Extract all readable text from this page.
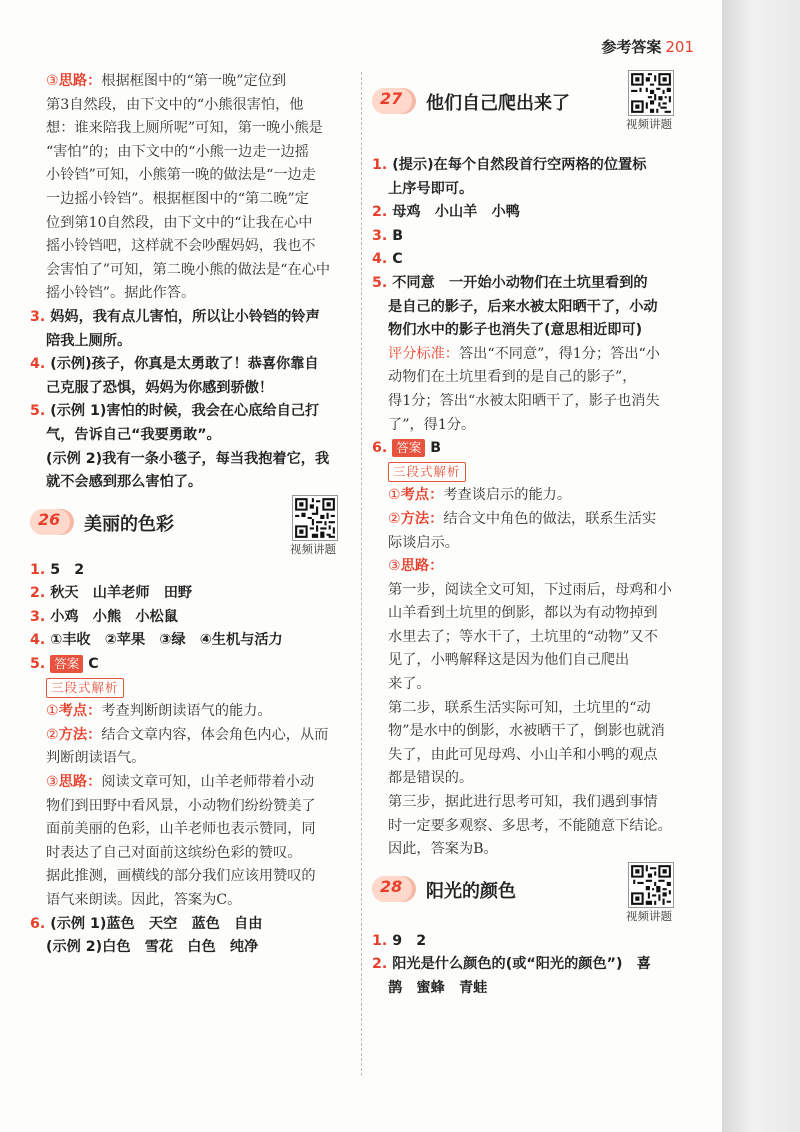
参考答案 201
③思路：根据框图中的“第一晚”定位到
第3自然段，由下文中的“小熊很害怕，他
想：谁来陪我上厕所呢”可知，第一晚小熊是
“害怕”的；由下文中的“小熊一边走一边摇
小铃铛”可知，小熊第一晚的做法是“一边走
一边摇小铃铛”。根据框图中的“第二晚”定
位到第10自然段，由下文中的“让我在心中
摇小铃铛吧，这样就不会吵醒妈妈，我也不
会害怕了”可知，第二晚小熊的做法是“在心中
摇小铃铛”。据此作答。
3. 妈妈，我有点儿害怕，所以让小铃铛的铃声
陪我上厕所。
4. (示例)孩子，你真是太勇敢了！恭喜你靠自
己克服了恐惧，妈妈为你感到骄傲！
5. (示例 1)害怕的时候，我会在心底给自己打
气，告诉自己“我要勇敢”。
(示例 2)我有一条小毯子，每当我抱着它，我
就不会感到那么害怕了。
26 美丽的色彩
视频讲题
1. 5　2
2. 秋天　山羊老师　田野
3. 小鸡　小熊　小松鼠
4. ①丰收　②苹果　③绿　④生机与活力
5. 答案 C
三段式解析
①考点：考查判断朗读语气的能力。
②方法：结合文章内容，体会角色内心，从而
判断朗读语气。
③思路：阅读文章可知，山羊老师带着小动
物们到田野中看风景，小动物们纷纷赞美了
面前美丽的色彩，山羊老师也表示赞同，同
时表达了自己对面前这缤纷色彩的赞叹。
据此推测，画横线的部分我们应该用赞叹的
语气来朗读。因此，答案为C。
6. (示例 1)蓝色　天空　蓝色　自由
(示例 2)白色　雪花　白色　纯净
27 他们自己爬出来了
视频讲题
1. (提示)在每个自然段首行空两格的位置标
上序号即可。
2. 母鸡　小山羊　小鸭
3. B
4. C
5. 不同意　一开始小动物们在土坑里看到的
是自己的影子，后来水被太阳晒干了，小动
物们水中的影子也消失了(意思相近即可)
评分标准：答出“不同意”，得1分；答出“小
动物们在土坑里看到的是自己的影子”，
得1分；答出“水被太阳晒干了，影子也消失
了”，得1分。
6. 答案 B
三段式解析
①考点：考查谈启示的能力。
②方法：结合文中角色的做法，联系生活实
际谈启示。
③思路：
第一步，阅读全文可知，下过雨后，母鸡和小
山羊看到土坑里的倒影，都以为有动物掉到
水里去了；等水干了，土坑里的“动物”又不
见了，小鸭解释这是因为他们自己爬出
来了。
第二步，联系生活实际可知，土坑里的“动
物”是水中的倒影，水被晒干了，倒影也就消
失了，由此可见母鸡、小山羊和小鸭的观点
都是错误的。
第三步，据此进行思考可知，我们遇到事情
时一定要多观察、多思考，不能随意下结论。
因此，答案为B。
28 阳光的颜色
视频讲题
1. 9　2
2. 阳光是什么颜色的(或“阳光的颜色”)　喜
鹊　蜜蜂　青蛙
